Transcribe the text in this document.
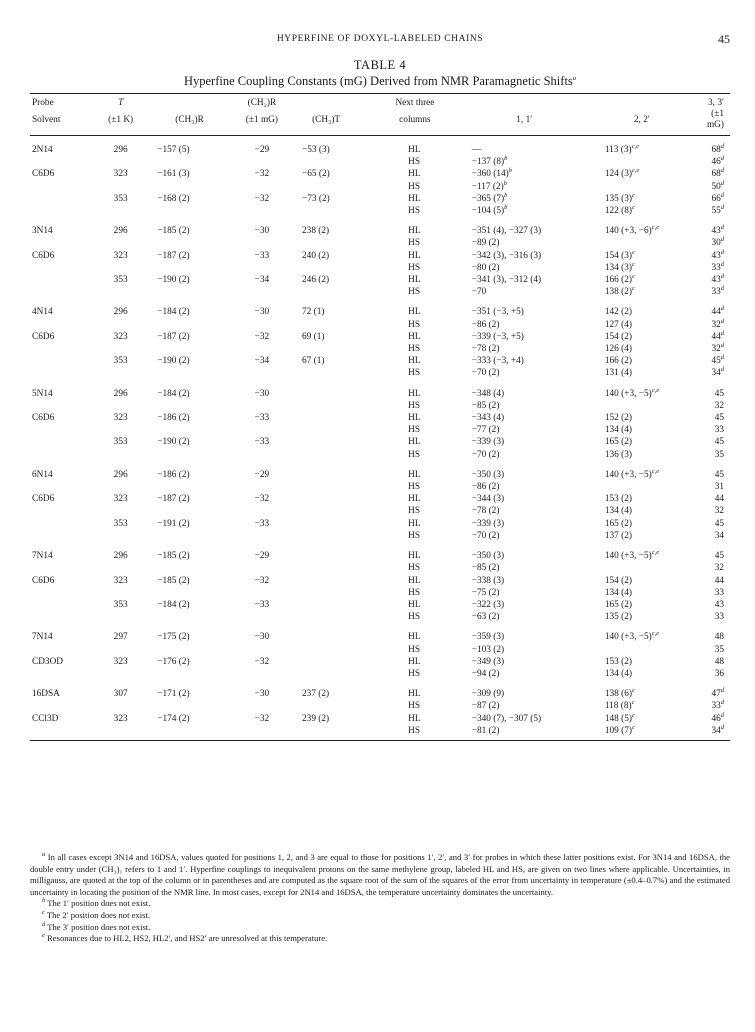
HYPERFINE OF DOXYL-LABELED CHAINS	45
TABLE 4
Hyperfine Coupling Constants (mG) Derived from NMR Paramagnetic Shifts$^a$
Probe	T		(CH₂)R		Next three			3, 3′
Solvent	(±1 K)	(CH₃)R	(±1 mG)	(CH₃)T	columns	1, 1′	2, 2′	(±1 mG)
2N14	296	−157 (5)	−29	−53 (3)	HL	—	113 $(3)^{c,e}$	68$^d$
					HS	−137 $(8)^b$		46$^d$
C6D6	323	−161 (3)	−32	−65 (2)	HL	−360 $(14)^b$	124 $(3)^{c,e}$	68$^d$
					HS	−117 $(2)^b$		50$^d$
	353	−168 (2)	−32	−73 (2)	HL	−365 $(7)^b$	135 $(3)^c$	66$^d$
					HS	−104 $(5)^b$	122 $(8)^c$	55$^d$
3N14	296	−185 (2)	−30	238 (2)	HL	−351 (4), −327 (3)	140 (+3, −6)$^{c,e}$	43$^d$
					HS	−89 (2)		30$^d$
C6D6	323	−187 (2)	−33	240 (2)	HL	−342 (3), −316 (3)	154 $(3)^c$	43$^d$
					HS	−80 (2)	134 $(3)^c$	33$^d$
	353	−190 (2)	−34	246 (2)	HL	−341 (3), −312 (4)	166 $(2)^c$	43$^d$
					HS	−70	138 $(2)^c$	33$^d$
4N14	296	−184 (2)	−30	72 (1)	HL	−351 (−3, +5)	142 (2)	44$^d$
					HS	−86 (2)	127 (4)	32$^d$
C6D6	323	−187 (2)	−32	69 (1)	HL	−339 (−3, +5)	154 (2)	44$^d$
					HS	−78 (2)	126 (4)	32$^d$
	353	−190 (2)	−34	67 (1)	HL	−333 (−3, +4)	166 (2)	45$^d$
					HS	−70 (2)	131 (4)	34$^d$
5N14	296	−184 (2)	−30		HL	−348 (4)	140 (+3, −5)$^{c,e}$	45
					HS	−85 (2)		32
C6D6	323	−186 (2)	−33		HL	−343 (4)	152 (2)	45
					HS	−77 (2)	134 (4)	33
	353	−190 (2)	−33		HL	−339 (3)	165 (2)	45
					HS	−70 (2)	136 (3)	35
6N14	296	−186 (2)	−29		HL	−350 (3)	140 (+3, −5)$^{c,e}$	45
					HS	−86 (2)		31
C6D6	323	−187 (2)	−32		HL	−344 (3)	153 (2)	44
					HS	−78 (2)	134 (4)	32
	353	−191 (2)	−33		HL	−339 (3)	165 (2)	45
					HS	−70 (2)	137 (2)	34
7N14	296	−185 (2)	−29		HL	−350 (3)	140 (+3, −5)$^{c,e}$	45
					HS	−85 (2)		32
C6D6	323	−185 (2)	−32		HL	−338 (3)	154 (2)	44
					HS	−75 (2)	134 (4)	33
	353	−184 (2)	−33		HL	−322 (3)	165 (2)	43
					HS	−63 (2)	135 (2)	33
7N14	297	−175 (2)	−30		HL	−359 (3)	140 (+3, −5)$^{c,e}$	48
					HS	−103 (2)		35
CD3OD	323	−176 (2)	−32		HL	−349 (3)	153 (2)	48
					HS	−94 (2)	134 (4)	36
16DSA	307	−171 (2)	−30	237 (2)	HL	−309 (9)	138 $(6)^c$	47$^d$
					HS	−87 (2)	118 $(8)^c$	33$^d$
CCl3D	323	−174 (2)	−32	239 (2)	HL	−340 (7), −307 (5)	148 $(5)^c$	46$^d$
					HS	−81 (2)	109 $(7)^c$	34$^d$
$^a$ In all cases except 3N14 and 16DSA, values quoted for positions 1, 2, and 3 are equal to those for positions 1′, 2′, and 3′ for probes in which these latter positions exist. For 3N14 and 16DSA, the double entry under (CH₃)₁ refers to 1 and 1′. Hyperfine couplings to inequivalent protons on the same methylene group, labeled HL and HS, are given on two lines where applicable. Uncertainties, in milligauss, are quoted at the top of the column or in parentheses and are computed as the square root of the sum of the squares of the error from uncertainty in temperature (±0.4–0.7%) and the estimated uncertainty in locating the position of the NMR line. In most cases, except for 2N14 and 16DSA, the temperature uncertainty dominates the uncertainty.
$^b$ The 1′ position does not exist.
$^c$ The 2′ position does not exist.
$^d$ The 3′ position does not exist.
$^e$ Resonances due to HL2, HS2, HL2′, and HS2′ are unresolved at this temperature.
